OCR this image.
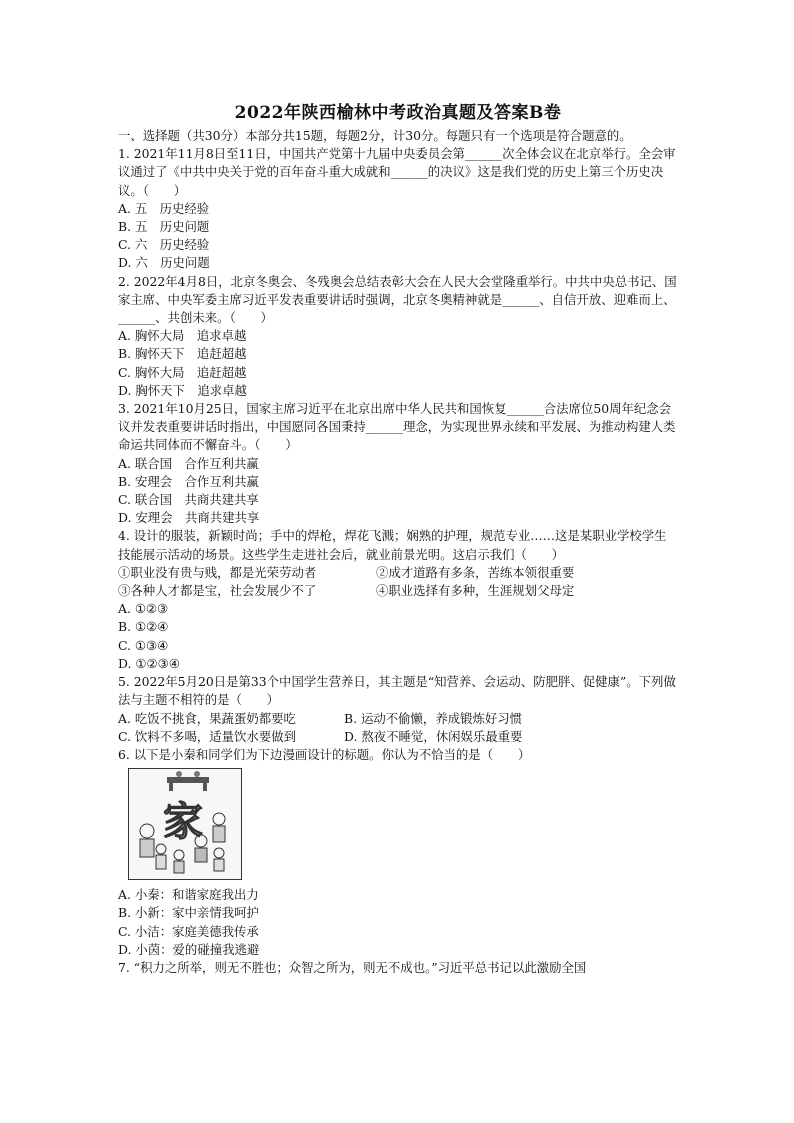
2022年陕西榆林中考政治真题及答案B卷

一、选择题（共30分）本部分共15题，每题2分，计30分。每题只有一个选项是符合题意的。

1. 2021年11月8日至11日，中国共产党第十九届中央委员会第______次全体会议在北京举行。全会审议通过了《中共中央关于党的百年奋斗重大成就和______的决议》这是我们党的历史上第三个历史决议。（　　）

A. 五　历史经验

B. 五　历史问题

C. 六　历史经验

D. 六　历史问题

2. 2022年4月8日，北京冬奥会、冬残奥会总结表彰大会在人民大会堂隆重举行。中共中央总书记、国家主席、中央军委主席习近平发表重要讲话时强调，北京冬奥精神就是______、自信开放、迎难而上、______、共创未来。（　　）

A. 胸怀大局　追求卓越

B. 胸怀天下　追赶超越

C. 胸怀大局　追赶超越

D. 胸怀天下　追求卓越

3. 2021年10月25日，国家主席习近平在北京出席中华人民共和国恢复______合法席位50周年纪念会议并发表重要讲话时指出，中国愿同各国秉持______理念，为实现世界永续和平发展、为推动构建人类命运共同体而不懈奋斗。（　　）

A. 联合国　合作互利共赢

B. 安理会　合作互利共赢

C. 联合国　共商共建共享

D. 安理会　共商共建共享

4. 设计的服装，新颖时尚；手中的焊枪，焊花飞溅；娴熟的护理，规范专业……这是某职业学校学生技能展示活动的场景。这些学生走进社会后，就业前景光明。这启示我们（　　）

①职业没有贵与贱，都是光荣劳动者	②成才道路有多条，苦练本领很重要
③各种人才都是宝，社会发展少不了	④职业选择有多种，生涯规划父母定

A. ①②③

B. ①②④

C. ①③④

D. ①②③④

5. 2022年5月20日是第33个中国学生营养日，其主题是“知营养、会运动、防肥胖、促健康”。下列做法与主题不相符的是（　　）

A. 吃饭不挑食，果蔬蛋奶都要吃	B. 运动不偷懒，养成锻炼好习惯
C. 饮料不多喝，适量饮水要做到	D. 熬夜不睡觉，休闲娱乐最重要

6. 以下是小秦和同学们为下边漫画设计的标题。你认为不恰当的是（　　）

家

A. 小秦：和谐家庭我出力

B. 小新：家中亲情我呵护

C. 小洁：家庭美德我传承

D. 小茵：爱的碰撞我逃避

7. “积力之所举，则无不胜也；众智之所为，则无不成也。”习近平总书记以此激励全国
